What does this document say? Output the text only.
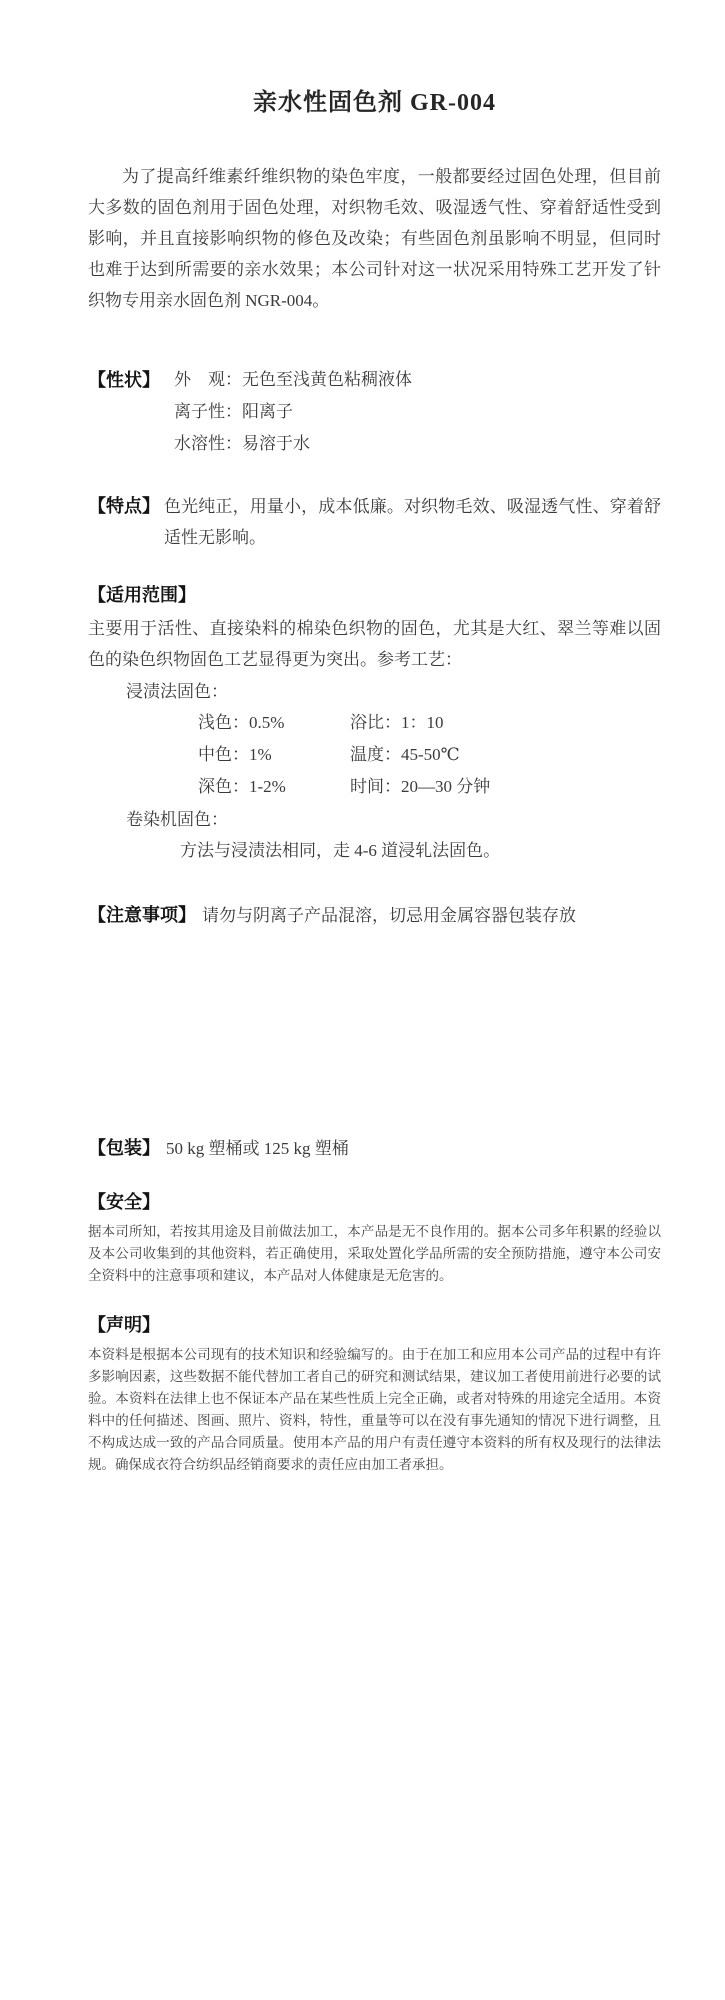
亲水性固色剂 GR-004

为了提高纤维素纤维织物的染色牢度，一般都要经过固色处理，但目前大多数的固色剂用于固色处理，对织物毛效、吸湿透气性、穿着舒适性受到影响，并且直接影响织物的修色及改染；有些固色剂虽影响不明显，但同时也难于达到所需要的亲水效果；本公司针对这一状况采用特殊工艺开发了针织物专用亲水固色剂 NGR-004。

【性状】 外　观：无色至浅黄色粘稠液体
离子性：阳离子
水溶性：易溶于水
【特点】 色光纯正，用量小，成本低廉。对织物毛效、吸湿透气性、穿着舒适性无影响。

【适用范围】

主要用于活性、直接染料的棉染色织物的固色，尤其是大红、翠兰等难以固色的染色织物固色工艺显得更为突出。参考工艺：

浸渍法固色：
浅色：0.5%	浴比：1：10
中色：1%	温度：45-50℃
深色：1-2%	时间：20—30 分钟
卷染机固色：
方法与浸渍法相同，走 4-6 道浸轧法固色。
【注意事项】 请勿与阴离子产品混溶，切忌用金属容器包装存放
【包装】 50 kg 塑桶或 125 kg 塑桶
【安全】

据本司所知，若按其用途及目前做法加工，本产品是无不良作用的。据本公司多年积累的经验以及本公司收集到的其他资料，若正确使用，采取处置化学品所需的安全预防措施，遵守本公司安全资料中的注意事项和建议，本产品对人体健康是无危害的。

【声明】

本资料是根据本公司现有的技术知识和经验编写的。由于在加工和应用本公司产品的过程中有许多影响因素，这些数据不能代替加工者自己的研究和测试结果，建议加工者使用前进行必要的试验。本资料在法律上也不保证本产品在某些性质上完全正确，或者对特殊的用途完全适用。本资料中的任何描述、图画、照片、资料，特性，重量等可以在没有事先通知的情况下进行调整，且不构成达成一致的产品合同质量。使用本产品的用户有责任遵守本资料的所有权及现行的法律法规。确保成衣符合纺织品经销商要求的责任应由加工者承担。
